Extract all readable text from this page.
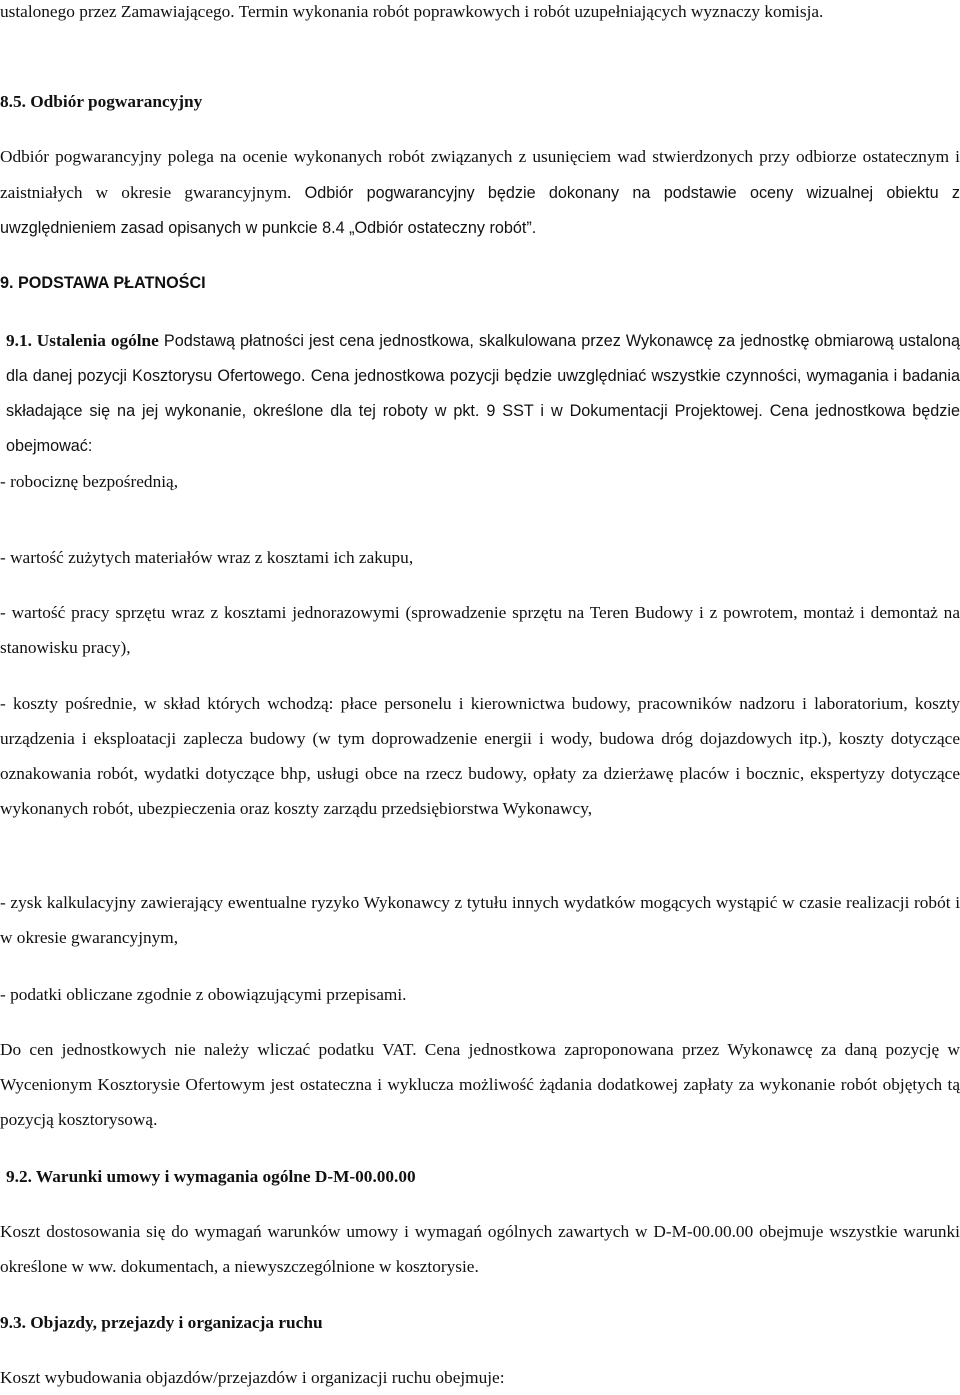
ustalonego przez Zamawiającego. Termin wykonania robót poprawkowych i robót uzupełniających wyznaczy komisja.
8.5. Odbiór pogwarancyjny
Odbiór pogwarancyjny polega na ocenie wykonanych robót związanych z usunięciem wad stwierdzonych przy odbiorze ostatecznym i zaistniałych w okresie gwarancyjnym. Odbiór pogwarancyjny będzie dokonany na podstawie oceny wizualnej obiektu z uwzględnieniem zasad opisanych w punkcie 8.4 „Odbiór ostateczny robót”.
9. PODSTAWA PŁATNOŚCI
9.1. Ustalenia ogólne Podstawą płatności jest cena jednostkowa, skalkulowana przez Wykonawcę za jednostkę obmiarową ustaloną dla danej pozycji Kosztorysu Ofertowego. Cena jednostkowa pozycji będzie uwzględniać wszystkie czynności, wymagania i badania składające się na jej wykonanie, określone dla tej roboty w pkt. 9 SST i w Dokumentacji Projektowej. Cena jednostkowa będzie obejmować:
- robociznę bezpośrednią,
- wartość zużytych materiałów wraz z kosztami ich zakupu,
- wartość pracy sprzętu wraz z kosztami jednorazowymi (sprowadzenie sprzętu na Teren Budowy i z powrotem, montaż i demontaż na stanowisku pracy),
- koszty pośrednie, w skład których wchodzą: płace personelu i kierownictwa budowy, pracowników nadzoru i laboratorium, koszty urządzenia i eksploatacji zaplecza budowy (w tym doprowadzenie energii i wody, budowa dróg dojazdowych itp.), koszty dotyczące oznakowania robót, wydatki dotyczące bhp, usługi obce na rzecz budowy, opłaty za dzierżawę placów i bocznic, ekspertyzy dotyczące wykonanych robót, ubezpieczenia oraz koszty zarządu przedsiębiorstwa Wykonawcy,
- zysk kalkulacyjny zawierający ewentualne ryzyko Wykonawcy z tytułu innych wydatków mogących wystąpić w czasie realizacji robót i w okresie gwarancyjnym,
- podatki obliczane zgodnie z obowiązującymi przepisami.
Do cen jednostkowych nie należy wliczać podatku VAT. Cena jednostkowa zaproponowana przez Wykonawcę za daną pozycję w Wycenionym Kosztorysie Ofertowym jest ostateczna i wyklucza możliwość żądania dodatkowej zapłaty za wykonanie robót objętych tą pozycją kosztorysową.
9.2. Warunki umowy i wymagania ogólne D-M-00.00.00
Koszt dostosowania się do wymagań warunków umowy i wymagań ogólnych zawartych w D-M-00.00.00 obejmuje wszystkie warunki określone w ww. dokumentach, a niewyszczególnione w kosztorysie.
9.3. Objazdy, przejazdy i organizacja ruchu
Koszt wybudowania objazdów/przejazdów i organizacji ruchu obejmuje:
